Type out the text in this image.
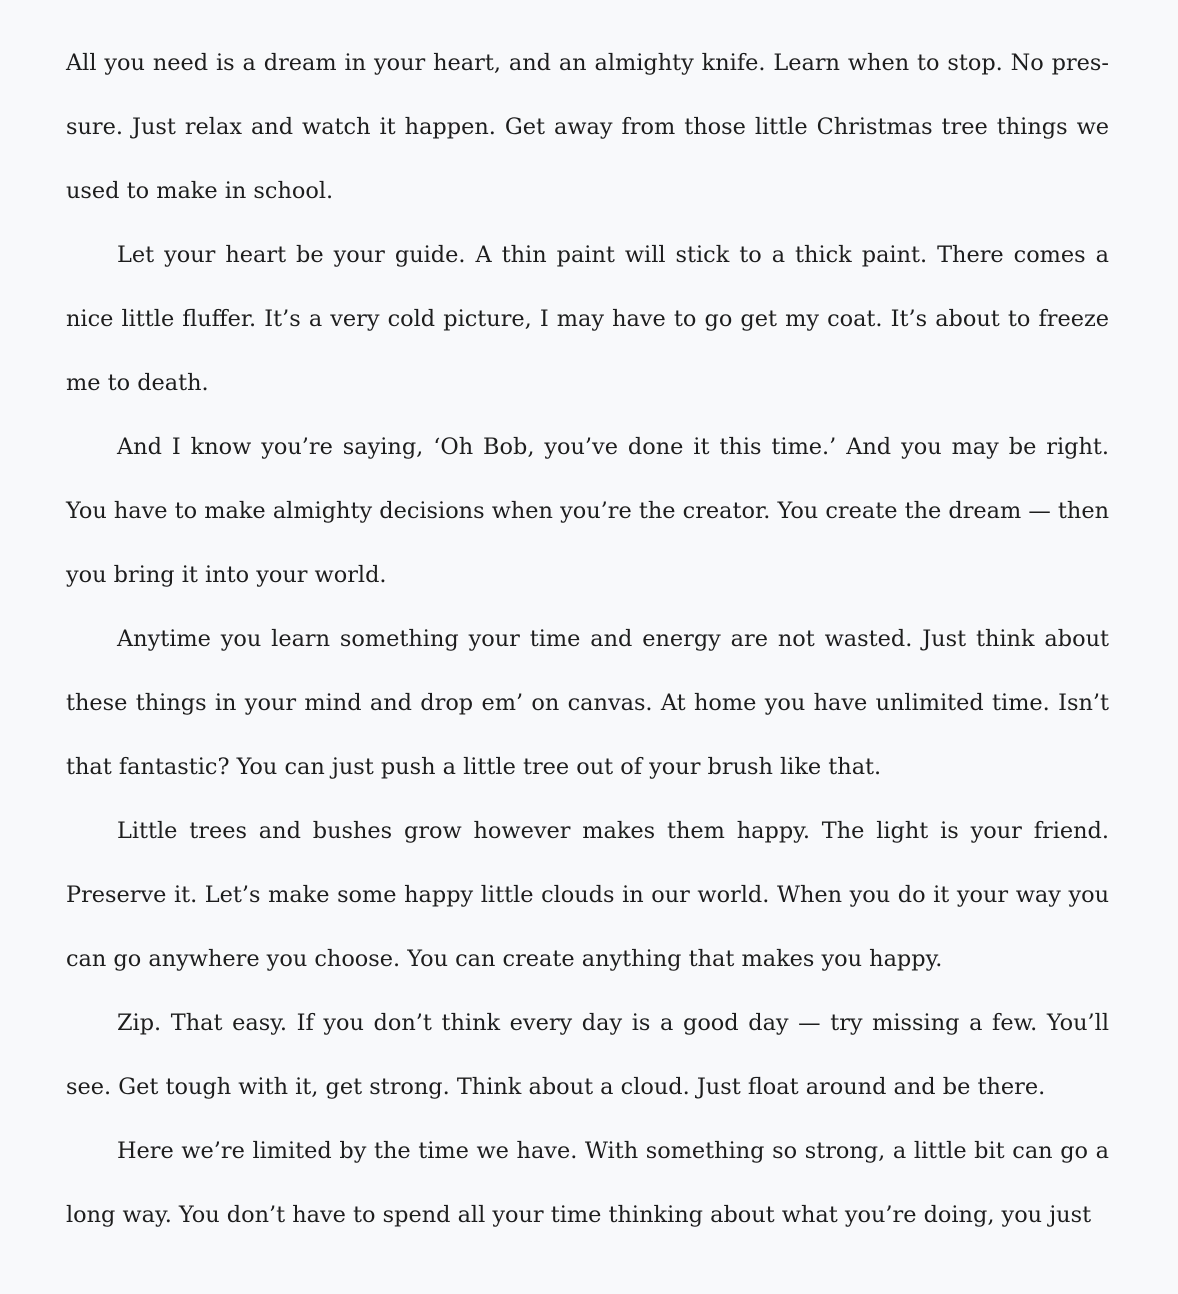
All you need is a dream in your heart, and an almighty knife. Learn when to stop. No pressure. Just relax and watch it happen. Get away from those little Christmas tree things we used to make in school.

Let your heart be your guide. A thin paint will stick to a thick paint. There comes a nice little fluffer. It’s a very cold picture, I may have to go get my coat. It’s about to freeze me to death.

And I know you’re saying, ‘Oh Bob, you’ve done it this time.’ And you may be right. You have to make almighty decisions when you’re the creator. You create the dream — then you bring it into your world.

Anytime you learn something your time and energy are not wasted. Just think about these things in your mind and drop em’ on canvas. At home you have unlimited time. Isn’t that fantastic? You can just push a little tree out of your brush like that.

Little trees and bushes grow however makes them happy. The light is your friend. Preserve it. Let’s make some happy little clouds in our world. When you do it your way you can go anywhere you choose. You can create anything that makes you happy.

Zip. That easy. If you don’t think every day is a good day — try missing a few. You’ll see. Get tough with it, get strong. Think about a cloud. Just float around and be there.

Here we’re limited by the time we have. With something so strong, a little bit can go a long way. You don’t have to spend all your time thinking about what you’re doing, you just
